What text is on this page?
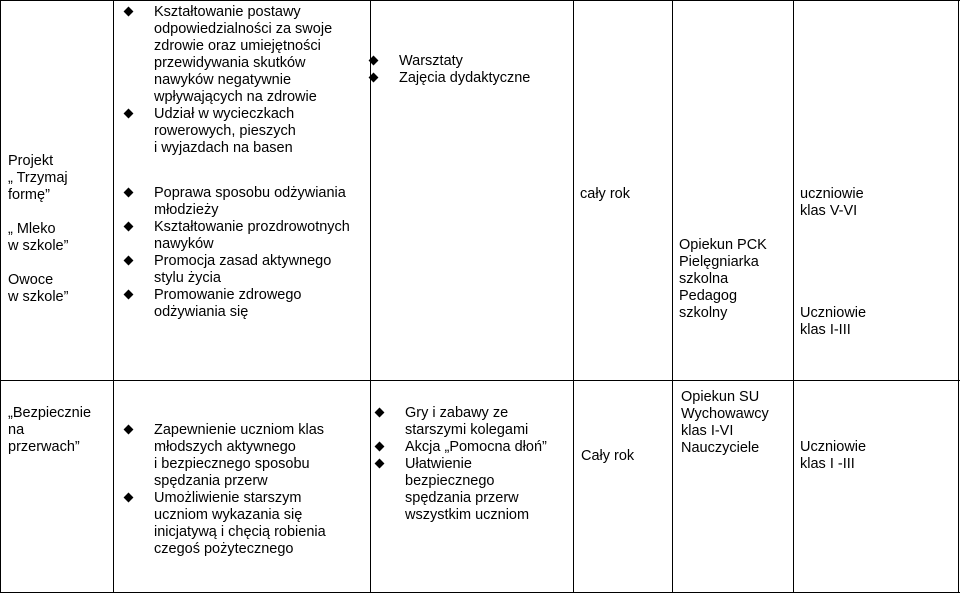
Projekt
„ Trzymaj
formę”
„ Mleko
w szkole”
Owoce
w szkole”
Kształtowanie postawy
odpowiedzialności za swoje
zdrowie oraz umiejętności
przewidywania skutków
nawyków negatywnie
wpływających na zdrowie
Udział w wycieczkach
rowerowych, pieszych
i wyjazdach na basen
Poprawa sposobu odżywiania
młodzieży
Kształtowanie prozdrowotnych
nawyków
Promocja zasad aktywnego
stylu życia
Promowanie zdrowego
odżywiania się
Warsztaty
Zajęcia dydaktyczne
cały rok
Opiekun PCK
Pielęgniarka
szkolna
Pedagog
szkolny
uczniowie
klas V-VI
Uczniowie
klas I-III
„Bezpiecznie
na
przerwach”
Zapewnienie uczniom klas
młodszych aktywnego
i bezpiecznego sposobu
spędzania przerw
Umożliwienie starszym
uczniom wykazania się
inicjatywą i chęcią robienia
czegoś pożytecznego
Gry i zabawy ze
starszymi kolegami
Akcja „Pomocna dłoń”
Ułatwienie
bezpiecznego
spędzania przerw
wszystkim uczniom
Cały rok
Opiekun SU
Wychowawcy
klas I-VI
Nauczyciele	Uczniowie
klas I -III
